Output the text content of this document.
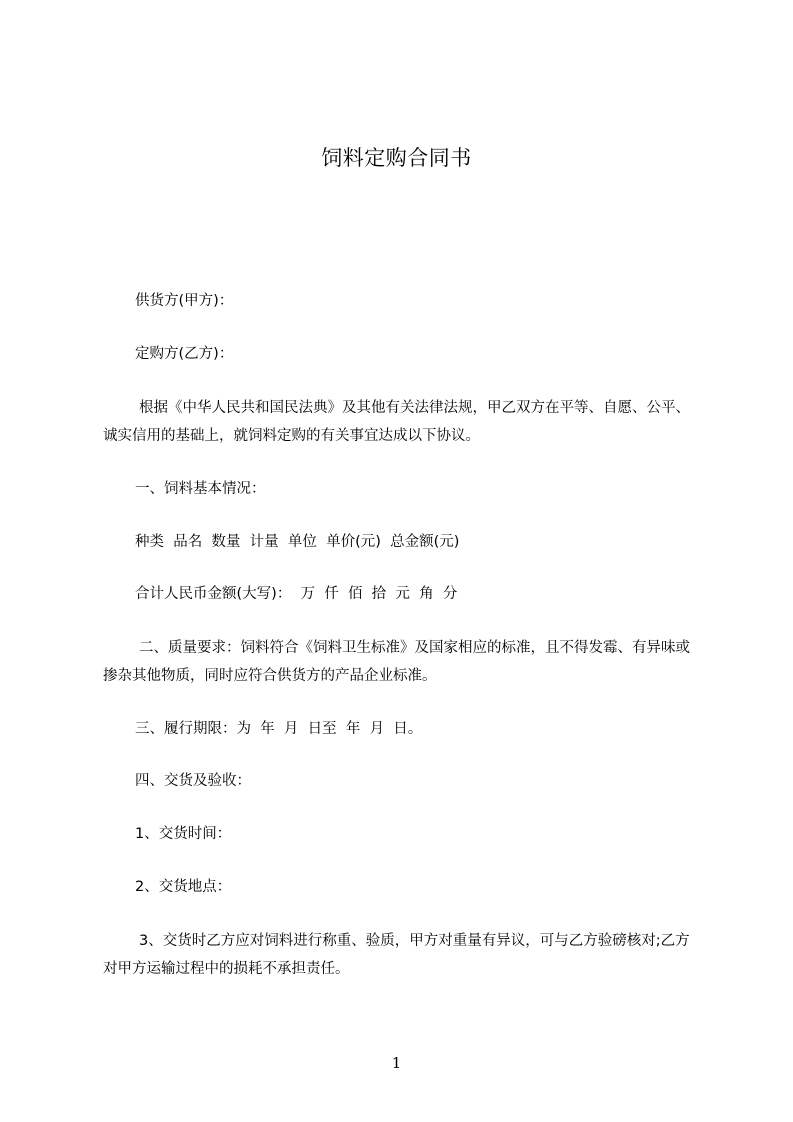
饲料定购合同书

供货方(甲方)：

定购方(乙方)：

根据《中华人民共和国民法典》及其他有关法律法规，甲乙双方在平等、自愿、公平、诚实信用的基础上，就饲料定购的有关事宜达成以下协议。

一、饲料基本情况：

种类  品名  数量  计量  单位  单价(元)  总金额(元)

合计人民币金额(大写)：  万  仟  佰  拾  元  角  分

二、质量要求：饲料符合《饲料卫生标准》及国家相应的标准，且不得发霉、有异味或掺杂其他物质，同时应符合供货方的产品企业标准。

三、履行期限：为  年  月  日至  年  月  日。

四、交货及验收：

1、交货时间：

2、交货地点：

3、交货时乙方应对饲料进行称重、验质，甲方对重量有异议，可与乙方验磅核对;乙方对甲方运输过程中的损耗不承担责任。

1
